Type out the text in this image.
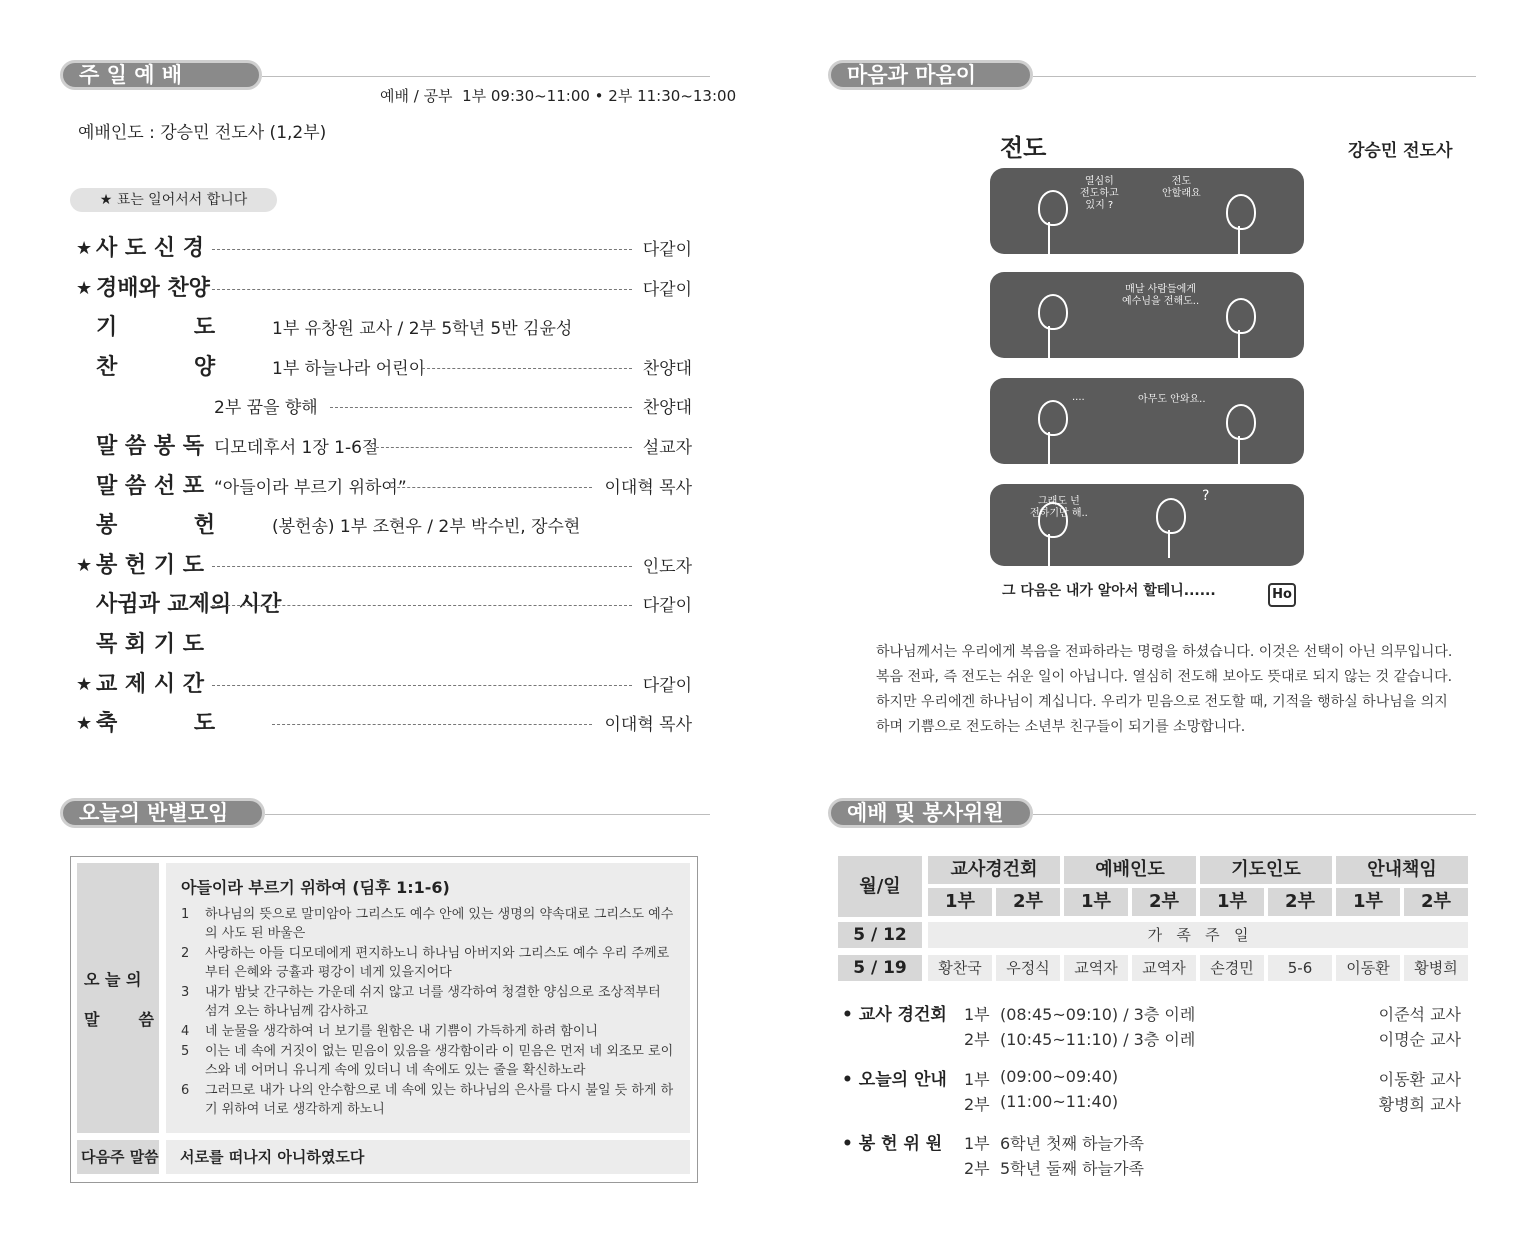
주 일 예 배
예배 / 공부  1부 09:30~11:00 • 2부 11:30~13:00
예배인도 : 강승민 전도사 (1,2부)
★ 표는 일어서서 합니다
★ 사 도 신 경	다같이
★ 경배와 찬양	다같이
기          도	1부 유창원 교사 / 2부 5학년 5반 김윤성
찬          양	1부 하늘나라 어린이	찬양대
2부 꿈을 향해	찬양대
말 씀 봉 독 디모데후서 1장 1-6절	설교자
말 씀 선 포 “아들이라 부르기 위하여”	이대혁 목사
봉          헌	(봉헌송) 1부 조현우 / 2부 박수빈, 장수현
★ 봉 헌 기 도	인도자
사귐과 교제의 시간	다같이
목 회 기 도
★ 교 제 시 간	다같이
★ 축          도	이대혁 목사
마음과 마음이
전도	강승민 전도사
열심히
전도하고
있지 ?
전도
안할래요
매날 사람들에게
예수님을 전해도..
....	아무도 안와요..
그래도 넌
전하기만 해..
?
그 다음은 내가 알아서 할테니......	Ho
하나님께서는 우리에게 복음을 전파하라는 명령을 하셨습니다. 이것은 선택이 아닌 의무입니다.
복음 전파, 즉 전도는 쉬운 일이 아닙니다. 열심히 전도해 보아도 뜻대로 되지 않는 것 같습니다.
하지만 우리에겐 하나님이 계십니다. 우리가 믿음으로 전도할 때, 기적을 행하실 하나님을 의지
하며 기쁨으로 전도하는 소년부 친구들이 되기를 소망합니다.
오늘의 반별모임
오 늘 의
말       씀
아들이라 부르기 위하여 (딤후 1:1-6)
1 하나님의 뜻으로 말미암아 그리스도 예수 안에 있는 생명의 약속대로 그리스도 예수의 사도 된 바울은
2 사랑하는 아들 디모데에게 편지하노니 하나님 아버지와 그리스도 예수 우리 주께로부터 은혜와 긍휼과 평강이 네게 있을지어다
3 내가 밤낮 간구하는 가운데 쉬지 않고 너를 생각하여 청결한 양심으로 조상적부터 섬겨 오는 하나님께 감사하고
4 네 눈물을 생각하여 너 보기를 원함은 내 기쁨이 가득하게 하려 함이니
5 이는 네 속에 거짓이 없는 믿음이 있음을 생각함이라 이 믿음은 먼저 네 외조모 로이스와 네 어머니 유니게 속에 있더니 네 속에도 있는 줄을 확신하노라
6 그러므로 내가 나의 안수함으로 네 속에 있는 하나님의 은사를 다시 불일 듯 하게 하기 위하여 너로 생각하게 하노니
다음주 말씀 서로를 떠나지 아니하였도다
예배 및 봉사위원
월/일
교사경건회	예배인도	기도인도	안내책임
1부	2부	1부	2부	1부	2부	1부	2부
5 / 12	가   족   주   일
5 / 19	황찬국	우정식	교역자	교역자	손경민	5-6	이동환	황병희
• 교사 경건회 1부 (08:45~09:10) / 3층 이레	이준석 교사
2부 (10:45~11:10) / 3층 이레	이명순 교사
• 오늘의 안내 1부 (09:00~09:40)	이동환 교사
2부 (11:00~11:40)	황병희 교사
• 봉 헌 위 원 1부 6학년 첫째 하늘가족
2부 5학년 둘째 하늘가족
